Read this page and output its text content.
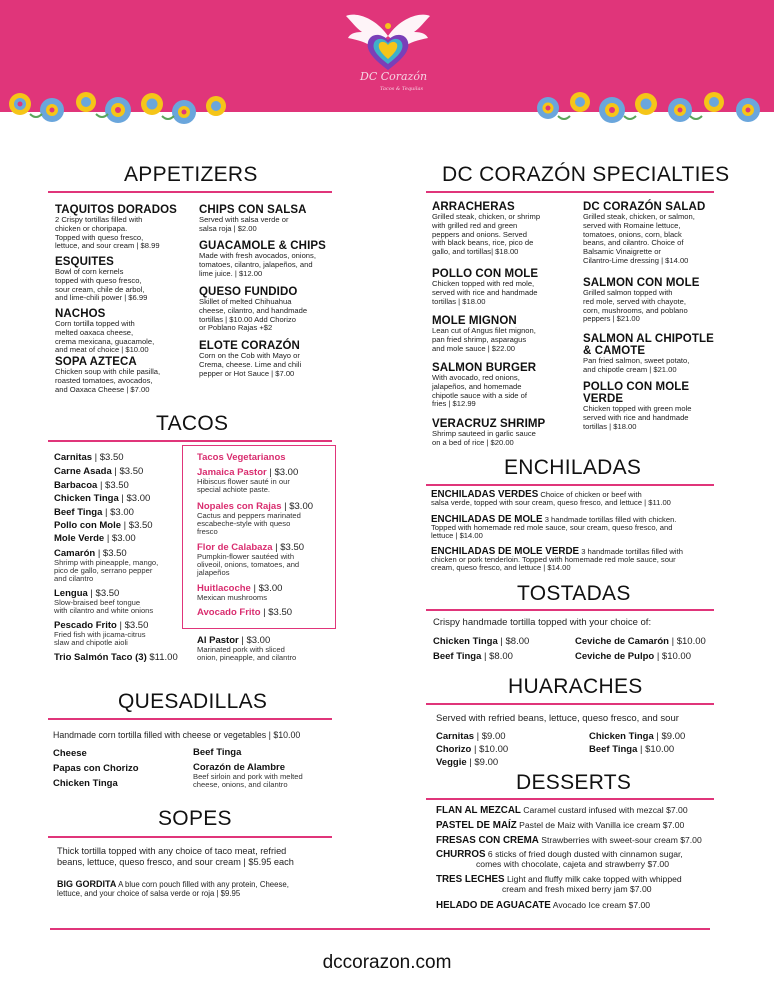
DC Corazón
Tacos & Tequilas
APPETIZERS
TAQUITOS DORADOS
2 Crispy tortillas filled with
chicken or choripapa.
Topped with queso fresco,
lettuce, and sour cream | $8.99
ESQUITES
Bowl of corn kernels
topped with queso fresco,
sour cream, chile de arbol,
and lime-chili power | $6.99
NACHOS
Corn tortilla topped with
melted oaxaca cheese,
crema mexicana, guacamole,
and meat of choice | $10.00
SOPA AZTECA
Chicken soup with chile pasilla,
roasted tomatoes, avocados,
and Oaxaca Cheese | $7.00
CHIPS CON SALSA
Served with salsa verde or
salsa roja | $2.00
GUACAMOLE & CHIPS
Made with fresh avocados, onions,
tomatoes, cilantro, jalapeños, and
lime juice. | $12.00
QUESO FUNDIDO
Skillet of melted Chihuahua
cheese, cilantro, and handmade
tortillas | $10.00 Add Chorizo
or Poblano Rajas +$2
ELOTE CORAZÓN
Corn on the Cob with Mayo or
Crema, cheese. Lime and chili
pepper or Hot Sauce | $7.00
TACOS
Carnitas | $3.50
Carne Asada | $3.50
Barbacoa | $3.50
Chicken Tinga | $3.00
Beef Tinga | $3.00
Pollo con Mole | $3.50
Mole Verde | $3.00
Camarón | $3.50
Shrimp with pineapple, mango,
pico de gallo, serrano pepper
and cilantro
Lengua | $3.50
Slow-braised beef tongue
with cilantro and white onions
Pescado Frito | $3.50
Fried fish with jicama-citrus
slaw and chipotle aioli
Trio Salmón Taco (3) $11.00
Tacos Vegetarianos
Jamaica Pastor | $3.00
Hibiscus flower sauté in our
special achiote paste.
Nopales con Rajas | $3.00
Cactus and peppers marinated
escabeche-style with queso
fresco
Flor de Calabaza | $3.50
Pumpkin-flower sautéed with
oliveoil, onions, tomatoes, and
jalapeños
Huitlacoche | $3.00
Mexican mushrooms
Avocado Frito | $3.50
Al Pastor | $3.00
Marinated pork with sliced
onion, pineapple, and cilantro
QUESADILLAS
Handmade corn tortilla filled with cheese or vegetables | $10.00
Cheese
Papas con Chorizo
Chicken Tinga
Beef Tinga
Corazón de Alambre
Beef sirloin and pork with melted
cheese, onions, and cilantro
SOPES
Thick tortilla topped with any choice of taco meat, refried
beans, lettuce, queso fresco, and sour cream | $5.95 each
BIG GORDITA A blue corn pouch filled with any protein, Cheese,
lettuce, and your choice of salsa verde or roja | $9.95
DC CORAZÓN SPECIALTIES
ARRACHERAS
Grilled steak, chicken, or shrimp
with grilled red and green
peppers and onions. Served
with black beans, rice, pico de
gallo, and tortillas| $18.00
POLLO CON MOLE
Chicken topped with red mole,
served with rice and handmade
tortillas | $18.00
MOLE MIGNON
Lean cut of Angus filet mignon,
pan fried shrimp, asparagus
and mole sauce | $22.00
SALMON BURGER
With avocado, red onions,
jalapeños, and homemade
chipotle sauce with a side of
fries | $12.99
VERACRUZ SHRIMP
Shrimp sauteed in garlic sauce
on a bed of rice | $20.00
DC CORAZÓN SALAD
Grilled steak, chicken, or salmon,
served with Romaine lettuce,
tomatoes, onions, corn, black
beans, and cilantro. Choice of
Balsamic Vinaigrette or
Cilantro-Lime dressing | $14.00
SALMON CON MOLE
Grilled salmon topped with
red mole, served with chayote,
corn, mushrooms, and poblano
peppers | $21.00
SALMON AL CHIPOTLE
& CAMOTE
Pan fried salmon, sweet potato,
and chipotle cream | $21.00
POLLO CON MOLE VERDE
Chicken topped with green mole
served with rice and handmade
tortillas | $18.00
ENCHILADAS
ENCHILADAS VERDES Choice of chicken or beef with
salsa verde, topped with sour cream, queso fresco, and lettuce | $11.00
ENCHILADAS DE MOLE 3 handmade tortillas filled with chicken.
Topped with homemade red mole sauce, sour cream, queso fresco, and
lettuce | $14.00
ENCHILADAS DE MOLE VERDE 3 handmade tortillas filled with
chicken or pork tenderloin. Topped with homemade red mole sauce, sour
cream, queso fresco, and lettuce | $14.00
TOSTADAS
Crispy handmade tortilla topped with your choice of:
Chicken Tinga | $8.00
Beef Tinga | $8.00
Ceviche de Camarón | $10.00
Ceviche de Pulpo | $10.00
HUARACHES
Served with refried beans, lettuce, queso fresco, and sour
Carnitas | $9.00
Chorizo | $10.00
Veggie | $9.00
Chicken Tinga | $9.00
Beef Tinga | $10.00
DESSERTS
FLAN AL MEZCAL Caramel custard infused with mezcal $7.00
PASTEL DE MAÍZ Pastel de Maiz with Vanilla ice cream $7.00
FRESAS CON CREMA Strawberries with sweet-sour cream $7.00
CHURROS 6 sticks of fried dough dusted with cinnamon sugar,
comes with chocolate, cajeta and strawberry $7.00
TRES LECHES Light and fluffy milk cake topped with whipped
cream and fresh mixed berry jam $7.00
HELADO DE AGUACATE Avocado Ice cream $7.00
dccorazon.com
